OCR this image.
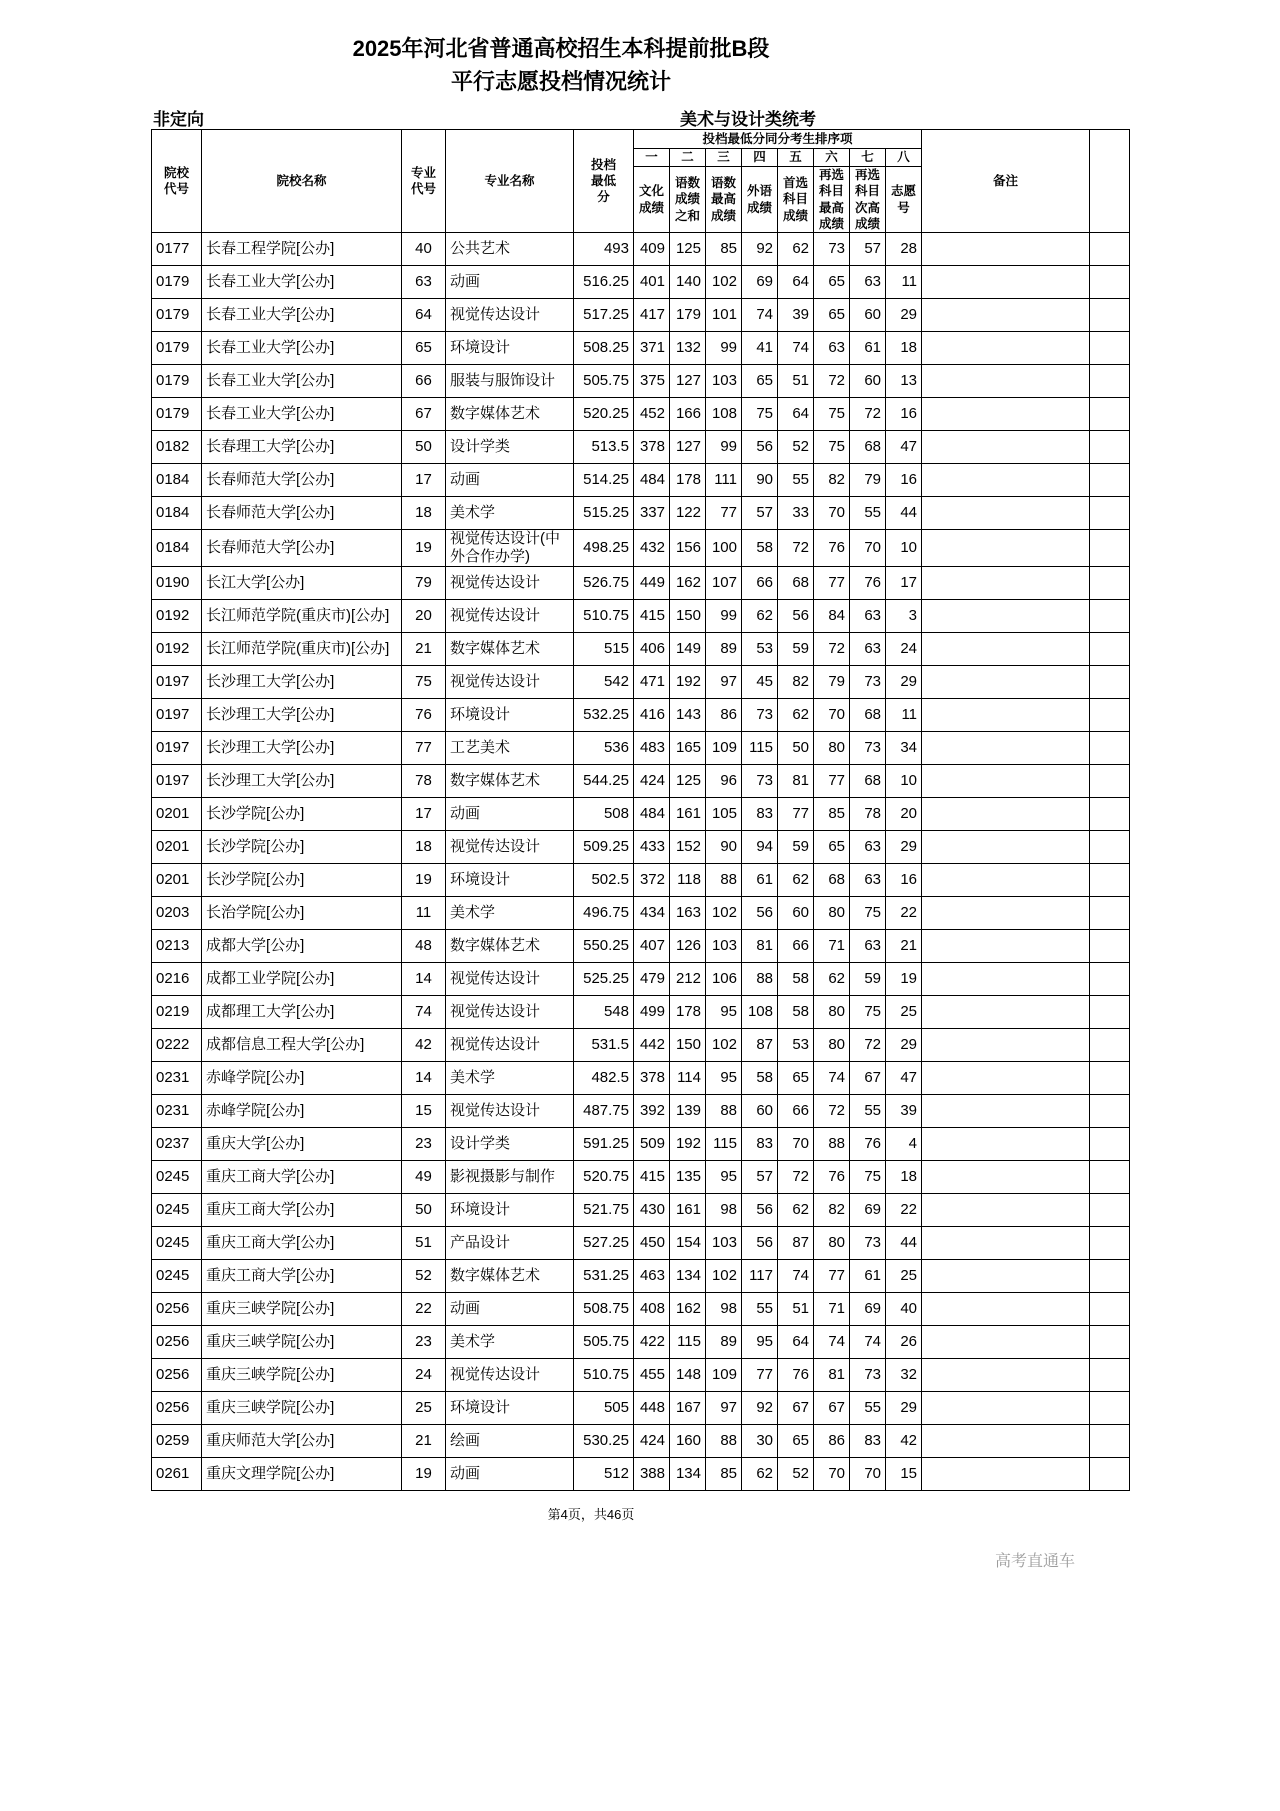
2025年河北省普通高校招生本科提前批B段
平行志愿投档情况统计
非定向	美术与设计类统考
院校代号	院校名称	专业代号	专业名称	投档最低分	投档最低分同分考生排序项								备注	
					一	二	三	四	五	六	七	八		
					文化成绩	语数成绩之和	语数最高成绩	外语成绩	首选科目成绩	再选科目最高成绩	再选科目次高成绩	志愿号		
0177	长春工程学院[公办]	40	公共艺术	493	409	125	85	92	62	73	57	28		
0179	长春工业大学[公办]	63	动画	516.25	401	140	102	69	64	65	63	11		
0179	长春工业大学[公办]	64	视觉传达设计	517.25	417	179	101	74	39	65	60	29		
0179	长春工业大学[公办]	65	环境设计	508.25	371	132	99	41	74	63	61	18		
0179	长春工业大学[公办]	66	服装与服饰设计	505.75	375	127	103	65	51	72	60	13		
0179	长春工业大学[公办]	67	数字媒体艺术	520.25	452	166	108	75	64	75	72	16		
0182	长春理工大学[公办]	50	设计学类	513.5	378	127	99	56	52	75	68	47		
0184	长春师范大学[公办]	17	动画	514.25	484	178	111	90	55	82	79	16		
0184	长春师范大学[公办]	18	美术学	515.25	337	122	77	57	33	70	55	44		
0184	长春师范大学[公办]	19	视觉传达设计(中外合作办学)	498.25	432	156	100	58	72	76	70	10		
0190	长江大学[公办]	79	视觉传达设计	526.75	449	162	107	66	68	77	76	17		
0192	长江师范学院(重庆市)[公办]	20	视觉传达设计	510.75	415	150	99	62	56	84	63	3		
0192	长江师范学院(重庆市)[公办]	21	数字媒体艺术	515	406	149	89	53	59	72	63	24		
0197	长沙理工大学[公办]	75	视觉传达设计	542	471	192	97	45	82	79	73	29		
0197	长沙理工大学[公办]	76	环境设计	532.25	416	143	86	73	62	70	68	11		
0197	长沙理工大学[公办]	77	工艺美术	536	483	165	109	115	50	80	73	34		
0197	长沙理工大学[公办]	78	数字媒体艺术	544.25	424	125	96	73	81	77	68	10		
0201	长沙学院[公办]	17	动画	508	484	161	105	83	77	85	78	20		
0201	长沙学院[公办]	18	视觉传达设计	509.25	433	152	90	94	59	65	63	29		
0201	长沙学院[公办]	19	环境设计	502.5	372	118	88	61	62	68	63	16		
0203	长治学院[公办]	11	美术学	496.75	434	163	102	56	60	80	75	22		
0213	成都大学[公办]	48	数字媒体艺术	550.25	407	126	103	81	66	71	63	21		
0216	成都工业学院[公办]	14	视觉传达设计	525.25	479	212	106	88	58	62	59	19		
0219	成都理工大学[公办]	74	视觉传达设计	548	499	178	95	108	58	80	75	25		
0222	成都信息工程大学[公办]	42	视觉传达设计	531.5	442	150	102	87	53	80	72	29		
0231	赤峰学院[公办]	14	美术学	482.5	378	114	95	58	65	74	67	47		
0231	赤峰学院[公办]	15	视觉传达设计	487.75	392	139	88	60	66	72	55	39		
0237	重庆大学[公办]	23	设计学类	591.25	509	192	115	83	70	88	76	4		
0245	重庆工商大学[公办]	49	影视摄影与制作	520.75	415	135	95	57	72	76	75	18		
0245	重庆工商大学[公办]	50	环境设计	521.75	430	161	98	56	62	82	69	22		
0245	重庆工商大学[公办]	51	产品设计	527.25	450	154	103	56	87	80	73	44		
0245	重庆工商大学[公办]	52	数字媒体艺术	531.25	463	134	102	117	74	77	61	25		
0256	重庆三峡学院[公办]	22	动画	508.75	408	162	98	55	51	71	69	40		
0256	重庆三峡学院[公办]	23	美术学	505.75	422	115	89	95	64	74	74	26		
0256	重庆三峡学院[公办]	24	视觉传达设计	510.75	455	148	109	77	76	81	73	32		
0256	重庆三峡学院[公办]	25	环境设计	505	448	167	97	92	67	67	55	29		
0259	重庆师范大学[公办]	21	绘画	530.25	424	160	88	30	65	86	83	42		
0261	重庆文理学院[公办]	19	动画	512	388	134	85	62	52	70	70	15		
第4页，共46页
高考直通车
